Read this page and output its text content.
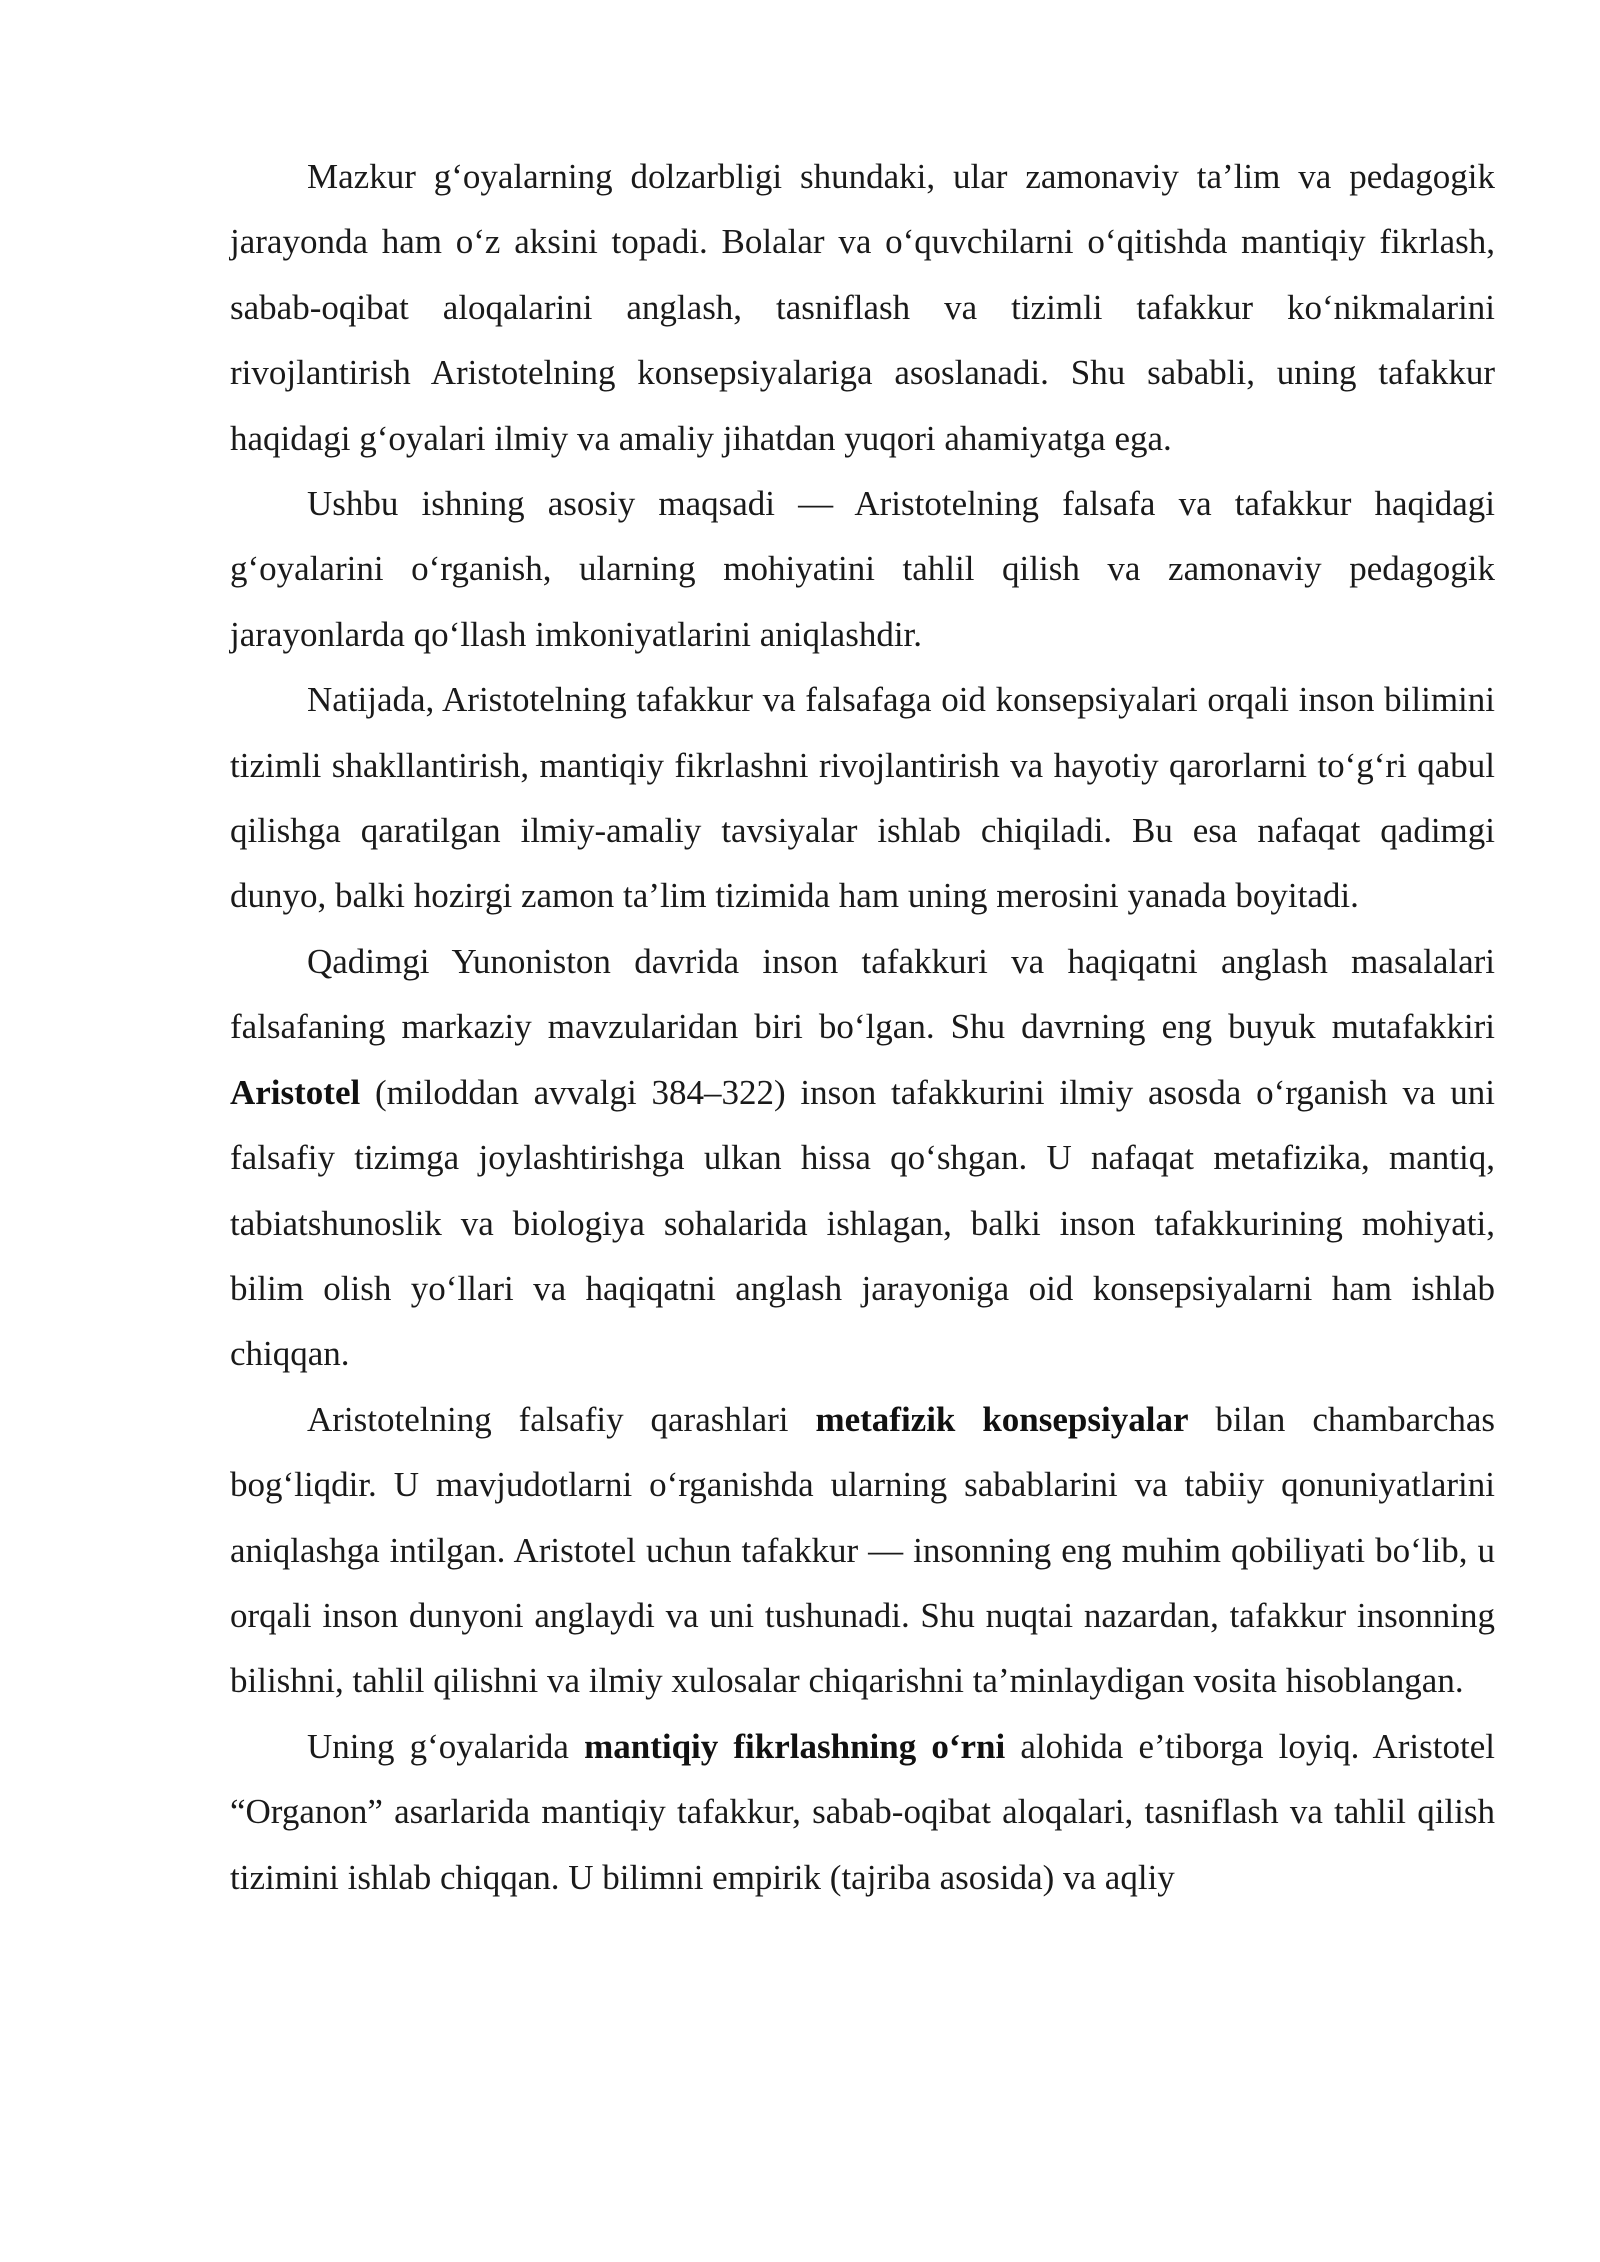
Mazkur g‘oyalarning dolzarbligi shundaki, ular zamonaviy ta’lim va pedagogik jarayonda ham o‘z aksini topadi. Bolalar va o‘quvchilarni o‘qitishda mantiqiy fikrlash, sabab-oqibat aloqalarini anglash, tasniflash va tizimli tafakkur ko‘nikmalarini rivojlantirish Aristotelning konsepsiyalariga asoslanadi. Shu sababli, uning tafakkur haqidagi g‘oyalari ilmiy va amaliy jihatdan yuqori ahamiyatga ega.

Ushbu ishning asosiy maqsadi — Aristotelning falsafa va tafakkur haqidagi g‘oyalarini o‘rganish, ularning mohiyatini tahlil qilish va zamonaviy pedagogik jarayonlarda qo‘llash imkoniyatlarini aniqlashdir.

Natijada, Aristotelning tafakkur va falsafaga oid konsepsiyalari orqali inson bilimini tizimli shakllantirish, mantiqiy fikrlashni rivojlantirish va hayotiy qarorlarni to‘g‘ri qabul qilishga qaratilgan ilmiy-amaliy tavsiyalar ishlab chiqiladi. Bu esa nafaqat qadimgi dunyo, balki hozirgi zamon ta’lim tizimida ham uning merosini yanada boyitadi.

Qadimgi Yunoniston davrida inson tafakkuri va haqiqatni anglash masalalari falsafaning markaziy mavzularidan biri bo‘lgan. Shu davrning eng buyuk mutafakkiri Aristotel (miloddan avvalgi 384–322) inson tafakkurini ilmiy asosda o‘rganish va uni falsafiy tizimga joylashtirishga ulkan hissa qo‘shgan. U nafaqat metafizika, mantiq, tabiatshunoslik va biologiya sohalarida ishlagan, balki inson tafakkurining mohiyati, bilim olish yo‘llari va haqiqatni anglash jarayoniga oid konsepsiyalarni ham ishlab chiqqan.

Aristotelning falsafiy qarashlari metafizik konsepsiyalar bilan chambarchas bog‘liqdir. U mavjudotlarni o‘rganishda ularning sabablarini va tabiiy qonuniyatlarini aniqlashga intilgan. Aristotel uchun tafakkur — insonning eng muhim qobiliyati bo‘lib, u orqali inson dunyoni anglaydi va uni tushunadi. Shu nuqtai nazardan, tafakkur insonning bilishni, tahlil qilishni va ilmiy xulosalar chiqarishni ta’minlaydigan vosita hisoblangan.

Uning g‘oyalarida mantiqiy fikrlashning o‘rni alohida e’tiborga loyiq. Aristotel “Organon” asarlarida mantiqiy tafakkur, sabab-oqibat aloqalari, tasniflash va tahlil qilish tizimini ishlab chiqqan. U bilimni empirik (tajriba asosida) va aqliy
